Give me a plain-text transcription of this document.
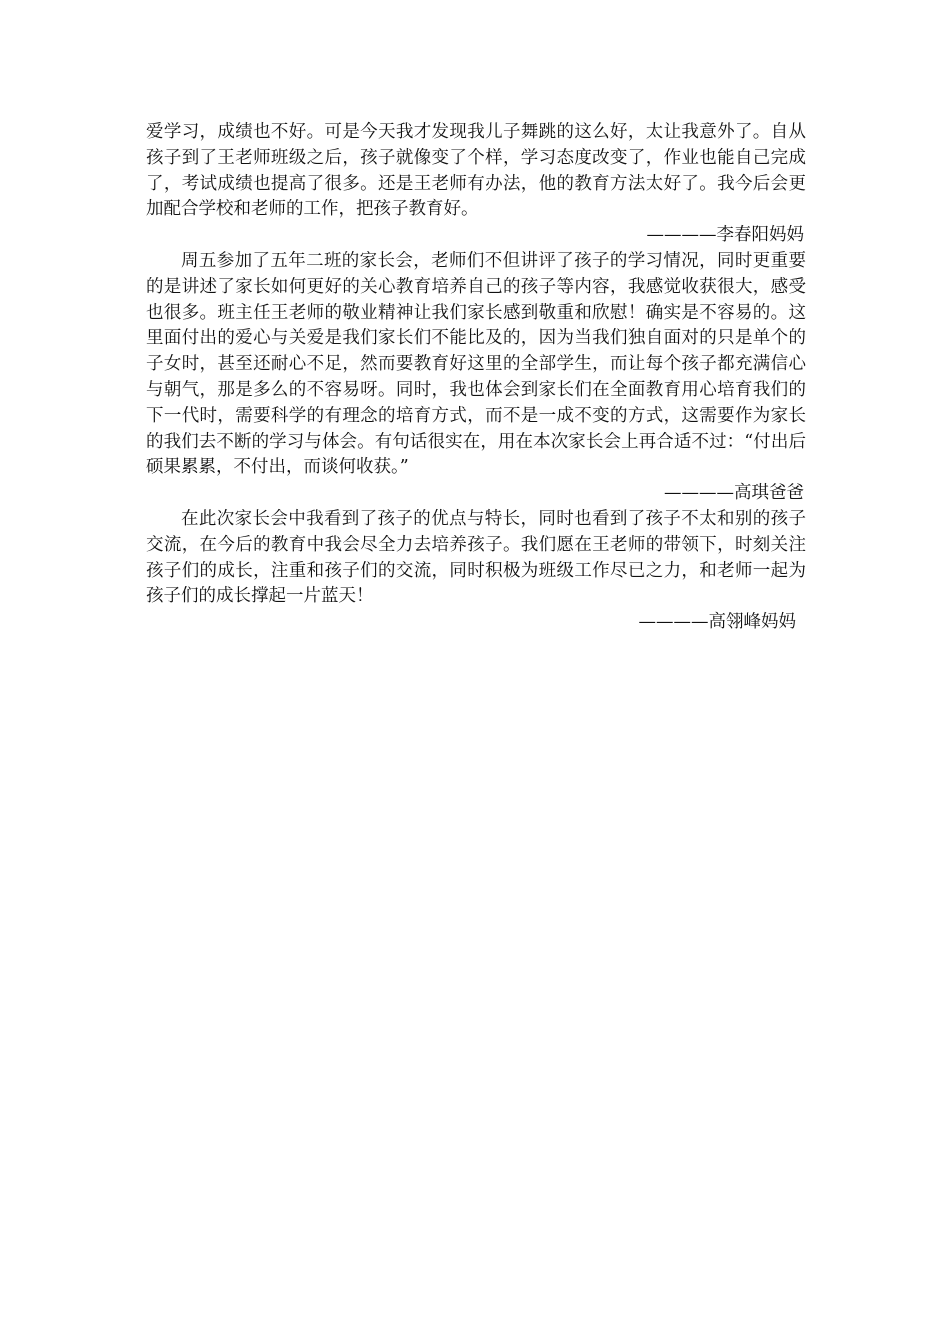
爱学习，成绩也不好。可是今天我才发现我儿子舞跳的这么好，太让我意外了。自从孩子到了王老师班级之后，孩子就像变了个样，学习态度改变了，作业也能自己完成了，考试成绩也提高了很多。还是王老师有办法，他的教育方法太好了。我今后会更加配合学校和老师的工作，把孩子教育好。

————李春阳妈妈

周五参加了五年二班的家长会，老师们不但讲评了孩子的学习情况，同时更重要的是讲述了家长如何更好的关心教育培养自己的孩子等内容，我感觉收获很大，感受也很多。班主任王老师的敬业精神让我们家长感到敬重和欣慰！确实是不容易的。这里面付出的爱心与关爱是我们家长们不能比及的，因为当我们独自面对的只是单个的子女时，甚至还耐心不足，然而要教育好这里的全部学生，而让每个孩子都充满信心与朝气，那是多么的不容易呀。同时，我也体会到家长们在全面教育用心培育我们的下一代时，需要科学的有理念的培育方式，而不是一成不变的方式，这需要作为家长的我们去不断的学习与体会。有句话很实在，用在本次家长会上再合适不过：“付出后硕果累累，不付出，而谈何收获。”

————高琪爸爸

在此次家长会中我看到了孩子的优点与特长，同时也看到了孩子不太和别的孩子交流，在今后的教育中我会尽全力去培养孩子。我们愿在王老师的带领下，时刻关注孩子们的成长，注重和孩子们的交流，同时积极为班级工作尽已之力，和老师一起为孩子们的成长撑起一片蓝天！

————高翎峰妈妈
